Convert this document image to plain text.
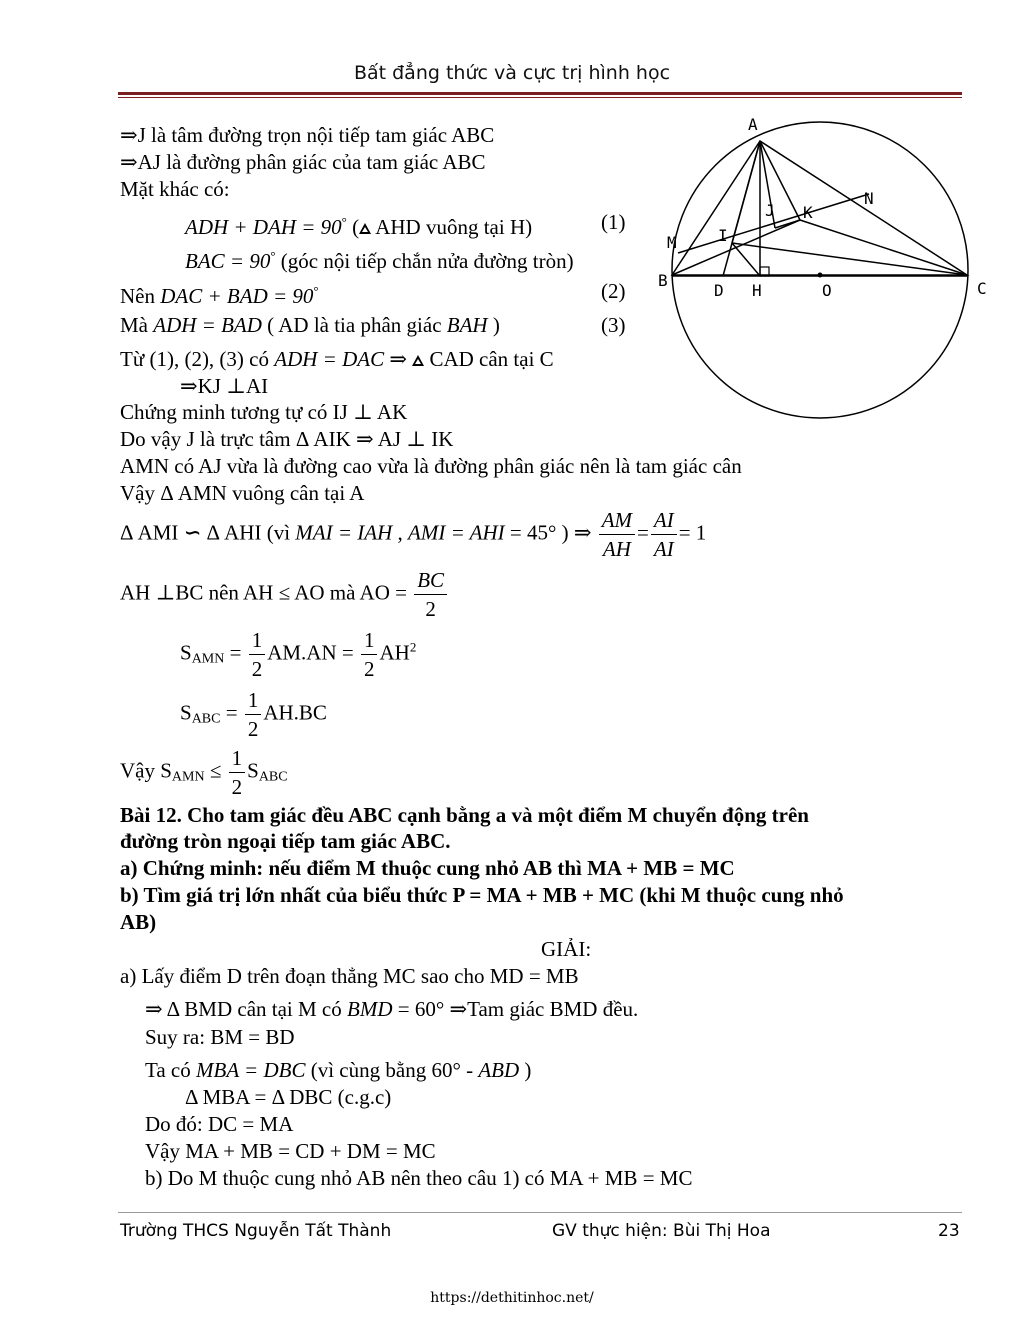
Bất đẳng thức và cực trị hình học
A
B	C
D H	O
I
J K
M
N
⇒J là tâm đường trọn nội tiếp tam giác ABC
⇒AJ là đường phân giác của tam giác ABC
Mặt khác có:
ADH + DAH = 90° ( AHD vuông tại H)	(1)
BAC = 90° (góc nội tiếp chắn nửa đường tròn)
Nên DAC + BAD = 90°	(2)
Mà ADH = BAD ( AD là tia phân giác BAH )	(3)
Từ (1), (2), (3) có ADH = DAC ⇒  CAD cân tại C
⇒KJ ⊥AI
Chứng minh tương tự có IJ ⊥ AK
Do vậy J là trực tâm Δ AIK ⇒ AJ ⊥ IK
AMN có AJ vừa là đường cao vừa là đường phân giác nên là tam giác cân
Vậy Δ AMN vuông cân tại A
Δ AMI ∽ Δ AHI (vì MAI = IAH , AMI = AHI = 45° ) ⇒ $\frac{AM}{AH} = \frac{AI}{AI} = 1$
AH ⊥BC nên AH ≤ AO mà AO = $\frac{BC}{2}$
$S_{AMN} = \frac{1}{2} AM.AN = \frac{1}{2} AH^2$
$S_{ABC} = \frac{1}{2} AH.BC$
Vậy $S_{AMN} \le \frac{1}{2} S_{ABC}$
Bài 12. Cho tam giác đều ABC cạnh bằng a và một điểm M chuyển động trên
đường tròn ngoại tiếp tam giác ABC.
a) Chứng minh: nếu điểm M thuộc cung nhỏ AB thì MA + MB = MC
b) Tìm giá trị lớn nhất của biểu thức P = MA + MB + MC (khi M thuộc cung nhỏ
AB)
GIẢI:
a) Lấy điểm D trên đoạn thẳng MC sao cho MD = MB
⇒ Δ BMD cân tại M có BMD = 60° ⇒Tam giác BMD đều.
Suy ra: BM = BD
Ta có MBA = DBC (vì cùng bằng 60° - ABD )
Δ MBA = Δ DBC (c.g.c)
Do đó: DC = MA
Vậy MA + MB = CD + DM = MC
b) Do M thuộc cung nhỏ AB nên theo câu 1) có MA + MB = MC
Trường THCS Nguyễn Tất Thành	GV thực hiện: Bùi Thị Hoa	23
https://dethitinhoc.net/
